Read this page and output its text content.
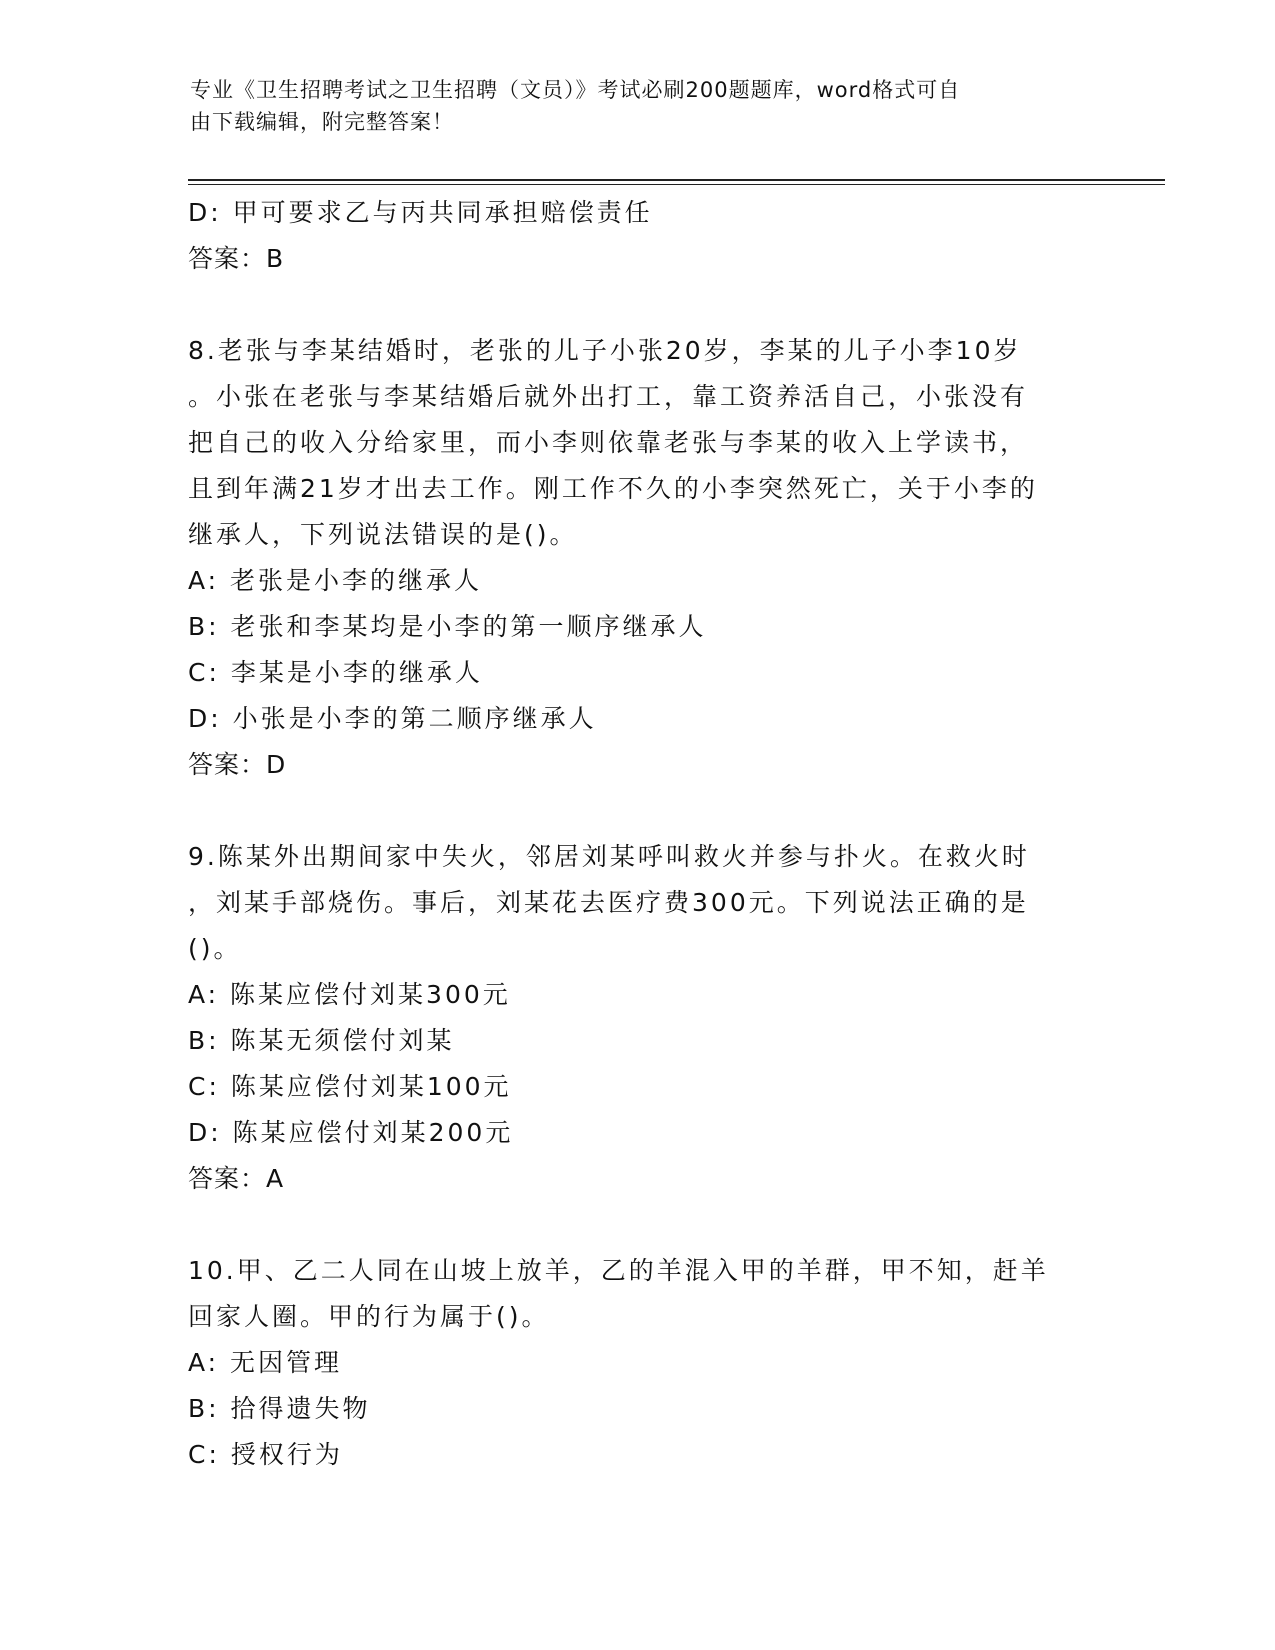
专业《卫生招聘考试之卫生招聘（文员）》考试必刷200题题库，word格式可自
由下载编辑，附完整答案！

D: 甲可要求乙与丙共同承担赔偿责任

答案：B

8.老张与李某结婚时，老张的儿子小张20岁，李某的儿子小李10岁

。小张在老张与李某结婚后就外出打工，靠工资养活自己，小张没有

把自己的收入分给家里，而小李则依靠老张与李某的收入上学读书，

且到年满21岁才出去工作。刚工作不久的小李突然死亡，关于小李的

继承人，下列说法错误的是()。

A: 老张是小李的继承人

B: 老张和李某均是小李的第一顺序继承人

C: 李某是小李的继承人

D: 小张是小李的第二顺序继承人

答案：D

9.陈某外出期间家中失火，邻居刘某呼叫救火并参与扑火。在救火时

，刘某手部烧伤。事后，刘某花去医疗费300元。下列说法正确的是

()。

A: 陈某应偿付刘某300元

B: 陈某无须偿付刘某

C: 陈某应偿付刘某100元

D: 陈某应偿付刘某200元

答案：A

10.甲、乙二人同在山坡上放羊，乙的羊混入甲的羊群，甲不知，赶羊

回家人圈。甲的行为属于()。

A: 无因管理

B: 拾得遗失物

C: 授权行为
